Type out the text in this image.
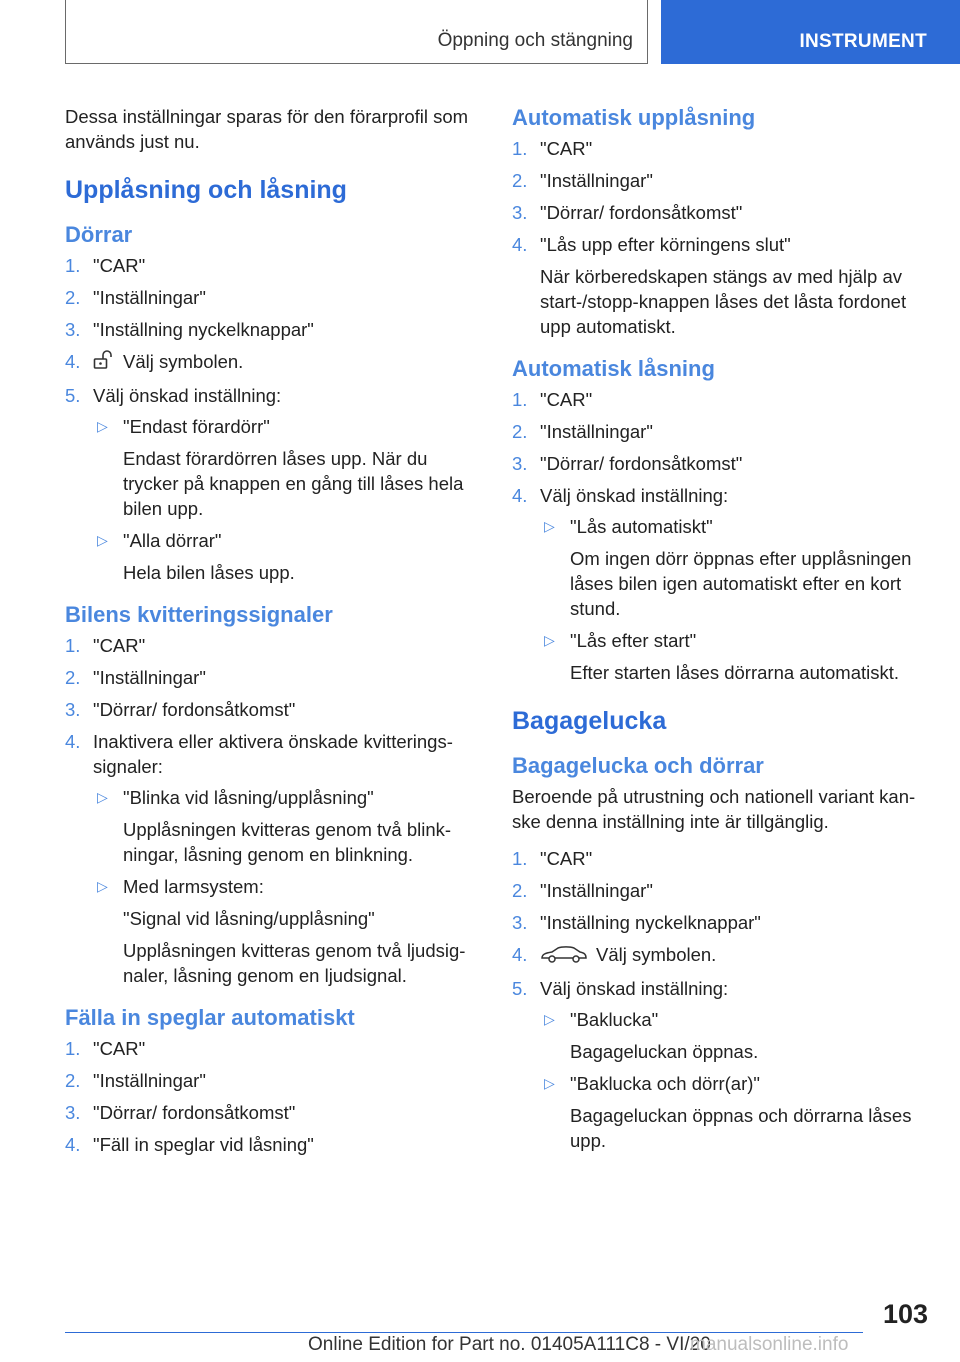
Öppning och stängning	INSTRUMENT

Dessa inställningar sparas för den förarprofil som används just nu.

Upplåsning och låsning
Dörrar
1. "CAR"
2. "Inställningar"
3. "Inställning nyckelknappar"
4. Välj symbolen.
5. Välj önskad inställning:
▷ "Endast förardörr"
Endast förardörren låses upp. När du trycker på knappen en gång till låses hela bilen upp.
▷ "Alla dörrar"
Hela bilen låses upp.
Bilens kvitteringssignaler
1. "CAR"
2. "Inställningar"
3. "Dörrar/ fordonsåtkomst"
4. Inaktivera eller aktivera önskade kvitteringssignaler:
▷ "Blinka vid låsning/upplåsning"
Upplåsningen kvitteras genom två blinkningar, låsning genom en blinkning.
▷ Med larmsystem:
"Signal vid låsning/upplåsning"
Upplåsningen kvitteras genom två ljudsignaler, låsning genom en ljudsignal.
Fälla in speglar automatiskt
1. "CAR"
2. "Inställningar"
3. "Dörrar/ fordonsåtkomst"
4. "Fäll in speglar vid låsning"
Automatisk upplåsning
1. "CAR"
2. "Inställningar"
3. "Dörrar/ fordonsåtkomst"
4. "Lås upp efter körningens slut"
När körberedskapen stängs av med hjälp av start-/stopp-knappen låses det låsta fordonet upp automatiskt.
Automatisk låsning
1. "CAR"
2. "Inställningar"
3. "Dörrar/ fordonsåtkomst"
4. Välj önskad inställning:
▷ "Lås automatiskt"
Om ingen dörr öppnas efter upplåsningen låses bilen igen automatiskt efter en kort stund.
▷ "Lås efter start"
Efter starten låses dörrarna automatiskt.
Bagagelucka
Bagagelucka och dörrar

Beroende på utrustning och nationell variant kanske denna inställning inte är tillgänglig.

1. "CAR"
2. "Inställningar"
3. "Inställning nyckelknappar"
4.	Välj symbolen.
5. Välj önskad inställning:
▷ "Baklucka"
Bagageluckan öppnas.
▷ "Baklucka och dörr(ar)"
Bagageluckan öppnas och dörrarna låses upp.
103
Online Edition for Part no. 01405A111C8 - VI/20
manualsonline.info
